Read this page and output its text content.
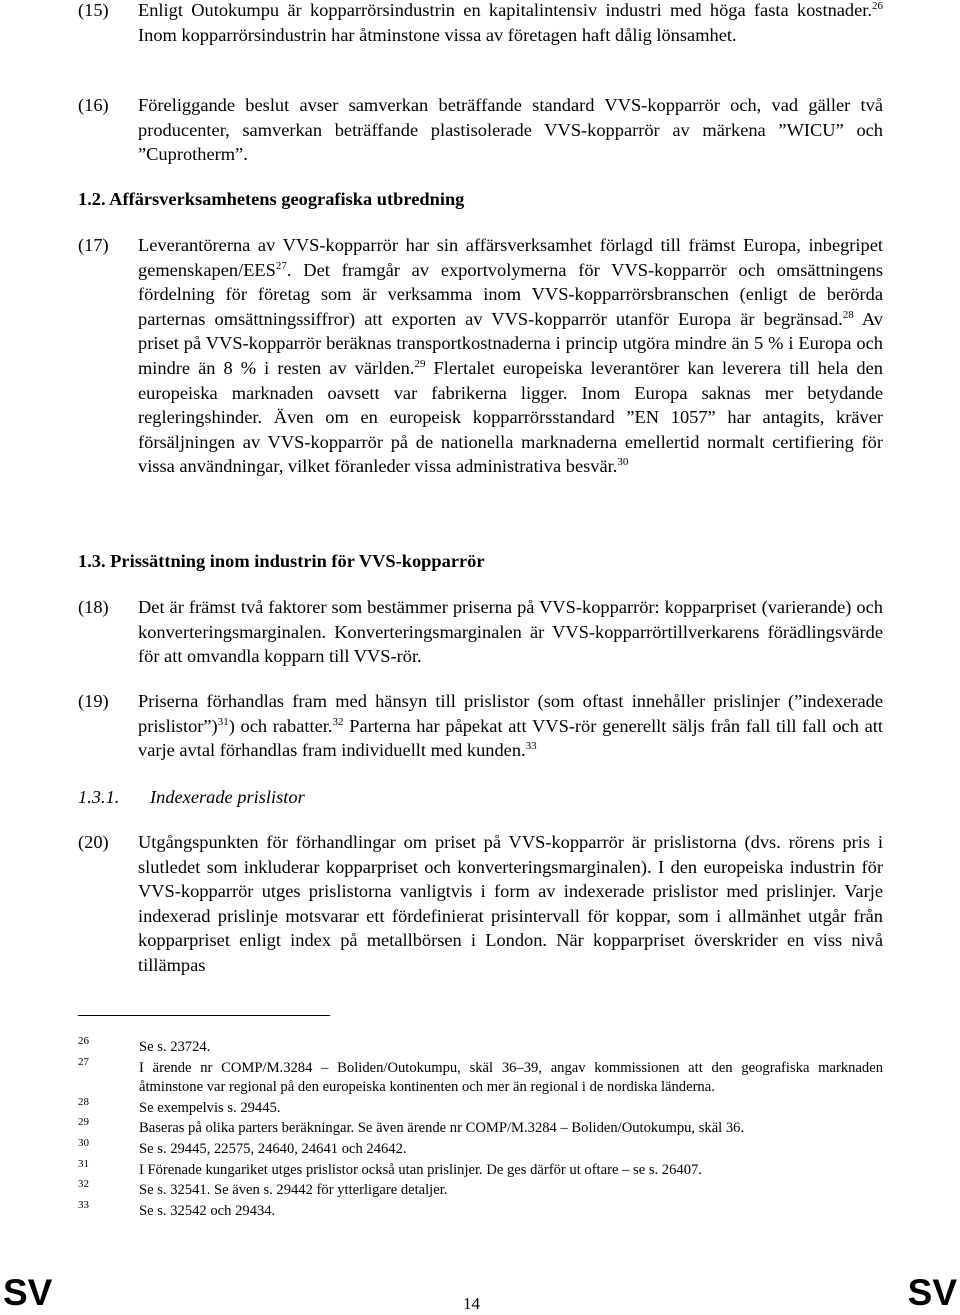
(15) Enligt Outokumpu är kopparrörsindustrin en kapitalintensiv industri med höga fasta kostnader.$^{26}$ Inom kopparrörsindustrin har åtminstone vissa av företagen haft dålig lönsamhet.
(16) Föreliggande beslut avser samverkan beträffande standard VVS-kopparrör och, vad gäller två producenter, samverkan beträffande plastisolerade VVS-kopparrör av märkena ”WICU” och ”Cuprotherm”.
1.2. Affärsverksamhetens geografiska utbredning
(17) Leverantörerna av VVS-kopparrör har sin affärsverksamhet förlagd till främst Europa, inbegripet gemenskapen/EES$^{27}$. Det framgår av exportvolymerna för VVS-kopparrör och omsättningens fördelning för företag som är verksamma inom VVS-kopparrörsbranschen (enligt de berörda parternas omsättningssiffror) att exporten av VVS-kopparrör utanför Europa är begränsad.$^{28}$ Av priset på VVS-kopparrör beräknas transportkostnaderna i princip utgöra mindre än 5 % i Europa och mindre än 8 % i resten av världen.$^{29}$ Flertalet europeiska leverantörer kan leverera till hela den europeiska marknaden oavsett var fabrikerna ligger. Inom Europa saknas mer betydande regleringshinder. Även om en europeisk kopparrörsstandard ”EN 1057” har antagits, kräver försäljningen av VVS-kopparrör på de nationella marknaderna emellertid normalt certifiering för vissa användningar, vilket föranleder vissa administrativa besvär.$^{30}$
1.3. Prissättning inom industrin för VVS-kopparrör
(18) Det är främst två faktorer som bestämmer priserna på VVS-kopparrör: kopparpriset (varierande) och konverteringsmarginalen. Konverteringsmarginalen är VVS-kopparrörtillverkarens förädlingsvärde för att omvandla kopparn till VVS-rör.
(19) Priserna förhandlas fram med hänsyn till prislistor (som oftast innehåller prislinjer (”indexerade prislistor”)$^{31}$) och rabatter.$^{32}$ Parterna har påpekat att VVS-rör generellt säljs från fall till fall och att varje avtal förhandlas fram individuellt med kunden.$^{33}$
1.3.1. Indexerade prislistor
(20) Utgångspunkten för förhandlingar om priset på VVS-kopparrör är prislistorna (dvs. rörens pris i slutledet som inkluderar kopparpriset och konverteringsmarginalen). I den europeiska industrin för VVS-kopparrör utges prislistorna vanligtvis i form av indexerade prislistor med prislinjer. Varje indexerad prislinje motsvarar ett fördefinierat prisintervall för koppar, som i allmänhet utgår från kopparpriset enligt index på metallbörsen i London. När kopparpriset överskrider en viss nivå tillämpas
26	Se s. 23724.
27	I ärende nr COMP/M.3284 – Boliden/Outokumpu, skäl 36–39, angav kommissionen att den geografiska marknaden åtminstone var regional på den europeiska kontinenten och mer än regional i de nordiska länderna.
28	Se exempelvis s. 29445.
29	Baseras på olika parters beräkningar. Se även ärende nr COMP/M.3284 – Boliden/Outokumpu, skäl 36.
30	Se s. 29445, 22575, 24640, 24641 och 24642.
31	I Förenade kungariket utges prislistor också utan prislinjer. De ges därför ut oftare – se s. 26407.
32	Se s. 32541. Se även s. 29442 för ytterligare detaljer.
33	Se s. 32542 och 29434.
SV	14	SV
